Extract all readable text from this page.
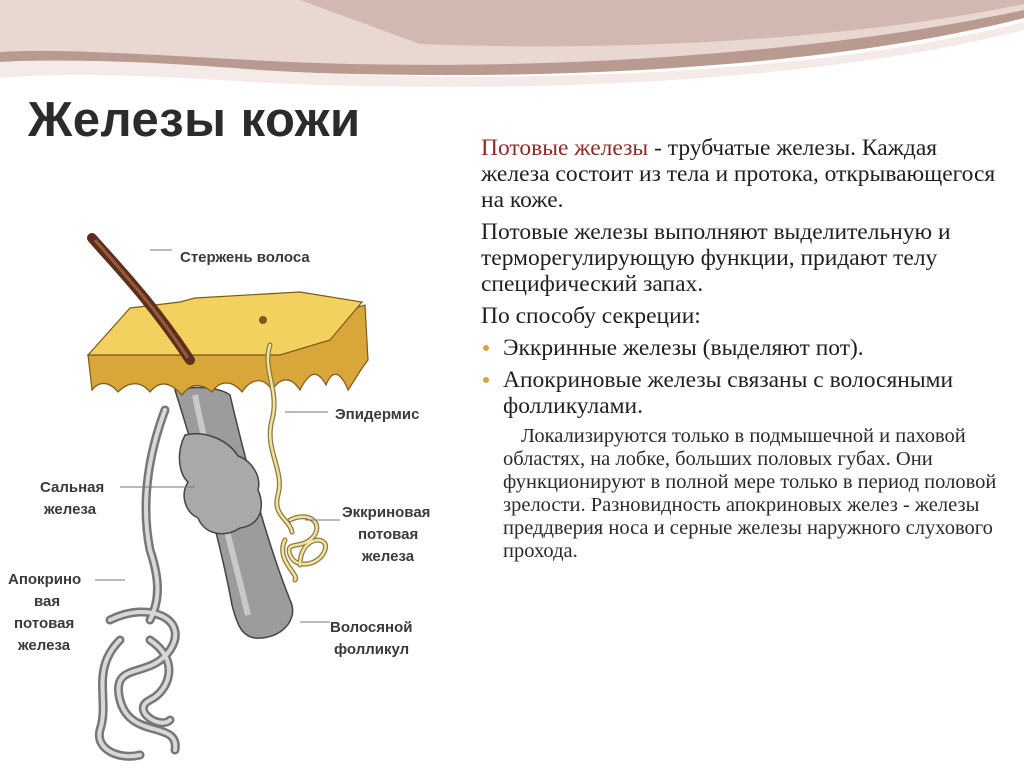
Железы кожи
Стержень волоса
Эпидермис
Сальная
железа	Эккриновая
потовая
железа
Апокрино
вая
потовая
железа
Волосяной
фолликул
Потовые железы - трубчатые железы. Каждая железа состоит из тела и протока, открывающегося на коже.
Потовые железы выполняют выделительную и терморегулирующую функции, придают телу специфический запах.
По способу секреции:
Эккринные железы (выделяют пот).
Апокриновые железы связаны с волосяными фолликулами.
Локализируются только в подмышечной и паховой областях, на лобке, больших половых губах. Они функционируют в полной мере только в период половой зрелости. Разновидность апокриновых желез - железы преддверия носа и серные железы наружного слухового прохода.
